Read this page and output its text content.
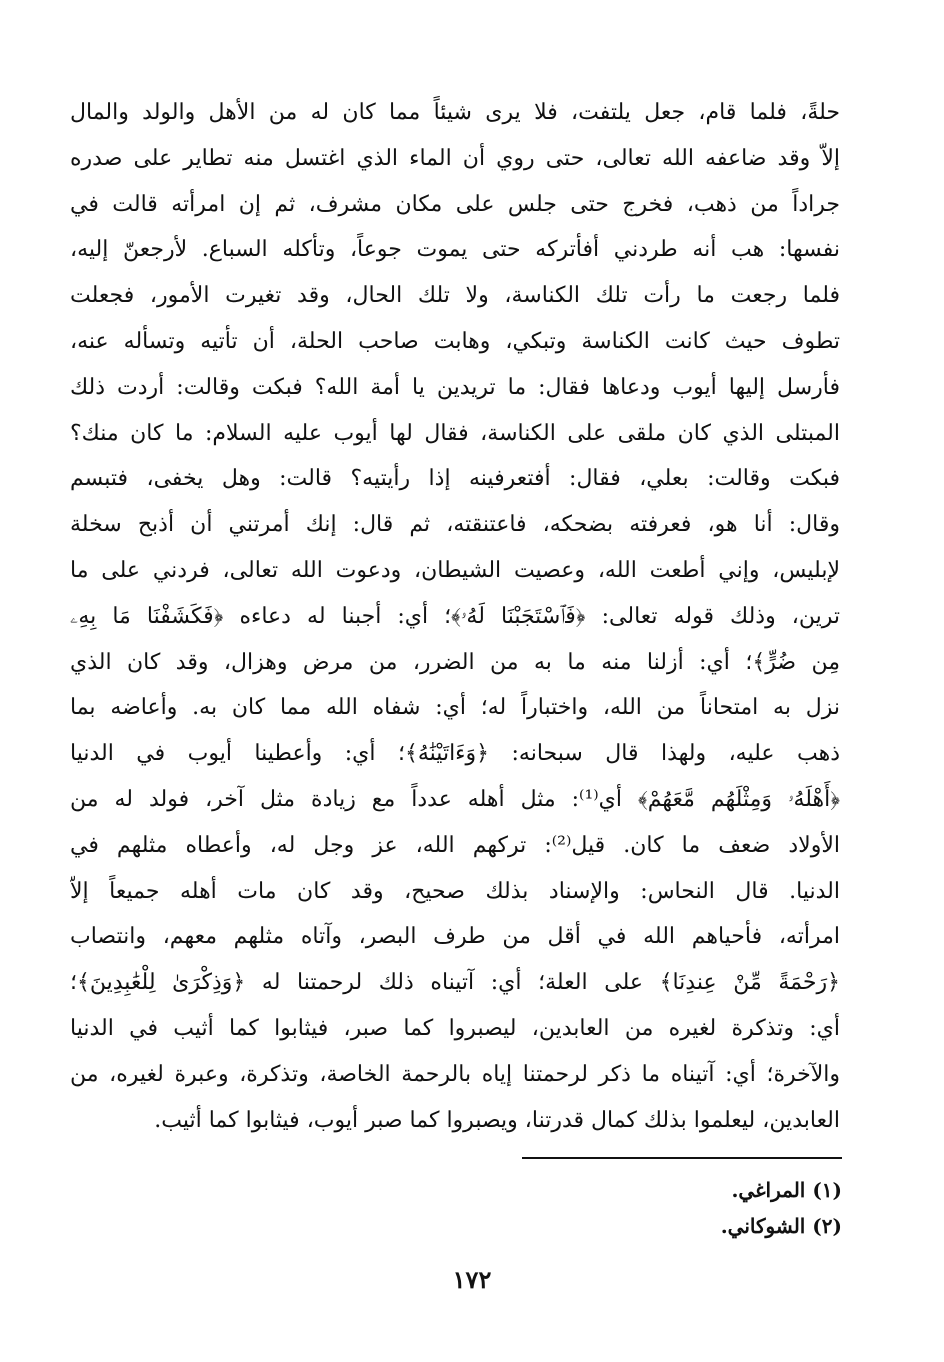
حلةً، فلما قام، جعل يلتفت، فلا يرى شيئاً مما كان له من الأهل والولد والمال
إلاّ وقد ضاعفه الله تعالى، حتى روي أن الماء الذي اغتسل منه تطاير على صدره
جراداً من ذهب، فخرج حتى جلس على مكان مشرف، ثم إن امرأته قالت في
نفسها: هب أنه طردني أفأتركه حتى يموت جوعاً، وتأكله السباع. لأرجعنّ إليه،
فلما رجعت ما رأت تلك الكناسة، ولا تلك الحال، وقد تغيرت الأمور، فجعلت
تطوف حيث كانت الكناسة وتبكي، وهابت صاحب الحلة، أن تأتيه وتسأله عنه،
فأرسل إليها أيوب ودعاها فقال: ما تريدين يا أمة الله؟ فبكت وقالت: أردت ذلك
المبتلى الذي كان ملقى على الكناسة، فقال لها أيوب عليه السلام: ما كان منك؟
فبكت وقالت: بعلي، فقال: أفتعرفينه إذا رأيتيه؟ قالت: وهل يخفى، فتبسم
وقال: أنا هو، فعرفته بضحكه، فاعتنقته، ثم قال: إنك أمرتني أن أذبح سخلة
لإبليس، وإني أطعت الله، وعصيت الشيطان، ودعوت الله تعالى، فردني على ما
ترين، وذلك قوله تعالى: ﴿فَٱسْتَجَبْنَا لَهُۥ﴾؛ أي: أجبنا له دعاءه ﴿فَكَشَفْنَا مَا بِهِۦ
مِن ضُرٍّ﴾؛ أي: أزلنا منه ما به من الضرر، من مرض وهزال، وقد كان الذي
نزل به امتحاناً من الله، واختباراً له؛ أي: شفاه الله مما كان به. وأعاضه بما
ذهب عليه، ولهذا قال سبحانه: ﴿وَءَاتَيْنَٰهُ﴾؛ أي: وأعطينا أيوب في الدنيا
﴿أَهْلَهُۥ وَمِثْلَهُم مَّعَهُمْ﴾ أي⁽¹⁾: مثل أهله عدداً مع زيادة مثل آخر، فولد له من
الأولاد ضعف ما كان. قيل⁽²⁾: تركهم الله، عز وجل له، وأعطاه مثلهم في
الدنيا. قال النحاس: والإسناد بذلك صحيح، وقد كان مات أهله جميعاً إلاّ
امرأته، فأحياهم الله في أقل من طرف البصر، وآتاه مثلهم معهم، وانتصاب
﴿رَحْمَةً مِّنْ عِندِنَا﴾ على العلة؛ أي: آتيناه ذلك لرحمتنا له ﴿وَذِكْرَىٰ لِلْعَٰبِدِينَ﴾؛
أي: وتذكرة لغيره من العابدين، ليصبروا كما صبر، فيثابوا كما أثيب في الدنيا
والآخرة؛ أي: آتيناه ما ذكر لرحمتنا إياه بالرحمة الخاصة، وتذكرة، وعبرة لغيره، من
العابدين، ليعلموا بذلك كمال قدرتنا، ويصبروا كما صبر أيوب، فيثابوا كما أثيب.
(١) المراغي.
(٢) الشوكاني.
١٧٢
